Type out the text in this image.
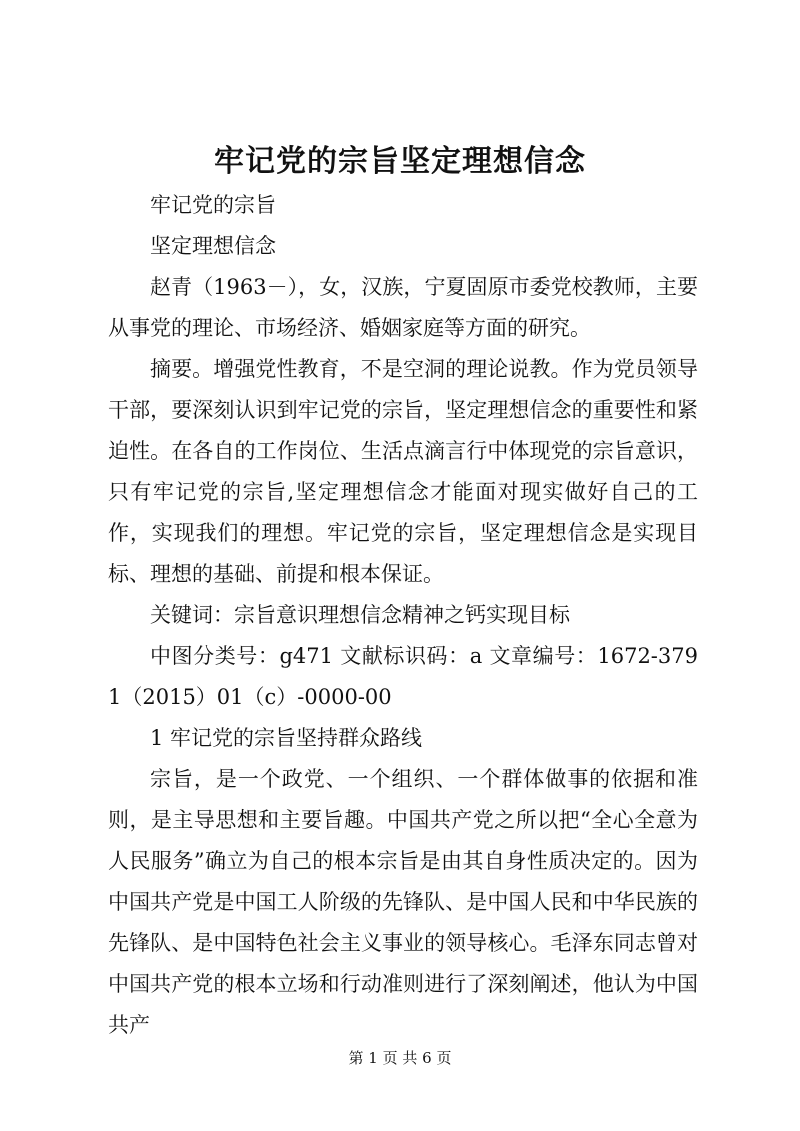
牢记党的宗旨坚定理想信念

牢记党的宗旨

坚定理想信念

赵青（1963－），女，汉族，宁夏固原市委党校教师，主要从事党的理论、市场经济、婚姻家庭等方面的研究。

摘要。增强党性教育，不是空洞的理论说教。作为党员领导干部，要深刻认识到牢记党的宗旨，坚定理想信念的重要性和紧迫性。在各自的工作岗位、生活点滴言行中体现党的宗旨意识，只有牢记党的宗旨,坚定理想信念才能面对现实做好自己的工作，实现我们的理想。牢记党的宗旨，坚定理想信念是实现目标、理想的基础、前提和根本保证。

关键词：宗旨意识理想信念精神之钙实现目标

中图分类号：g471 文献标识码：a 文章编号：1672-3791（2015）01（c）-0000-00

1 牢记党的宗旨坚持群众路线

宗旨，是一个政党、一个组织、一个群体做事的依据和准则，是主导思想和主要旨趣。中国共产党之所以把“全心全意为人民服务”确立为自己的根本宗旨是由其自身性质决定的。因为中国共产党是中国工人阶级的先锋队、是中国人民和中华民族的先锋队、是中国特色社会主义事业的领导核心。毛泽东同志曾对中国共产党的根本立场和行动准则进行了深刻阐述，他认为中国共产

第 1 页 共 6 页
